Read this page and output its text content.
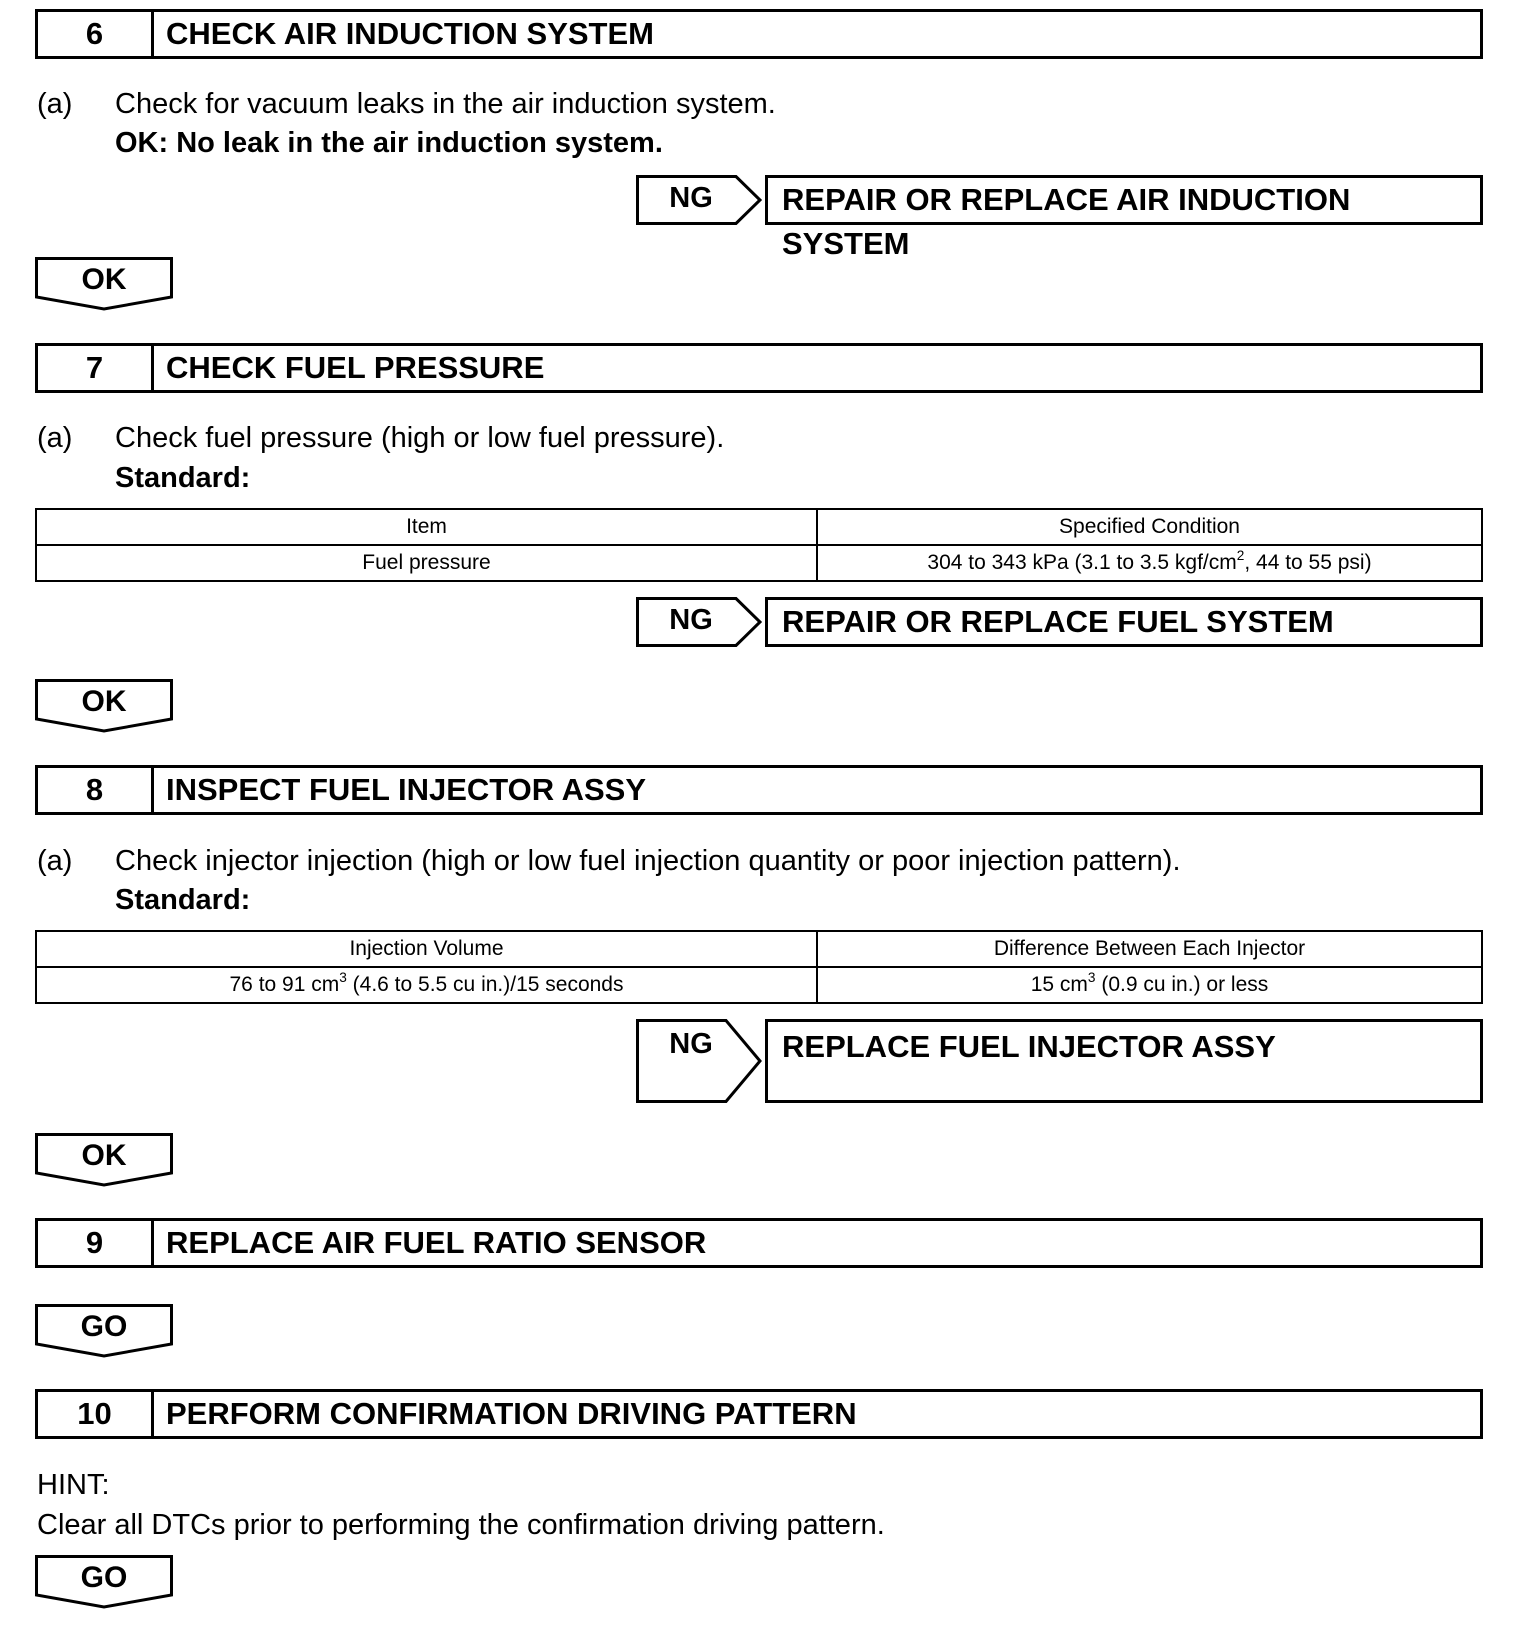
6	CHECK AIR INDUCTION SYSTEM
(a) Check for vacuum leaks in the air induction system.
OK: No leak in the air induction system.
NG	REPAIR OR REPLACE AIR INDUCTION SYSTEM
OK
7	CHECK FUEL PRESSURE
(a) Check fuel pressure (high or low fuel pressure).
Standard:
Item	Specified Condition
Fuel pressure	304 to 343 kPa (3.1 to 3.5 kgf/$cm^2$, 44 to 55 psi)
NG	REPAIR OR REPLACE FUEL SYSTEM
OK
8	INSPECT FUEL INJECTOR ASSY
(a) Check injector injection (high or low fuel injection quantity or poor injection pattern).
Standard:
Injection Volume	Difference Between Each Injector
76 to 91 $cm^3$ (4.6 to 5.5 cu in.)/15 seconds	15 $cm^3$ (0.9 cu in.) or less
NG	REPLACE FUEL INJECTOR ASSY
OK
9	REPLACE AIR FUEL RATIO SENSOR
GO
10	PERFORM CONFIRMATION DRIVING PATTERN
HINT:
Clear all DTCs prior to performing the confirmation driving pattern.
GO
